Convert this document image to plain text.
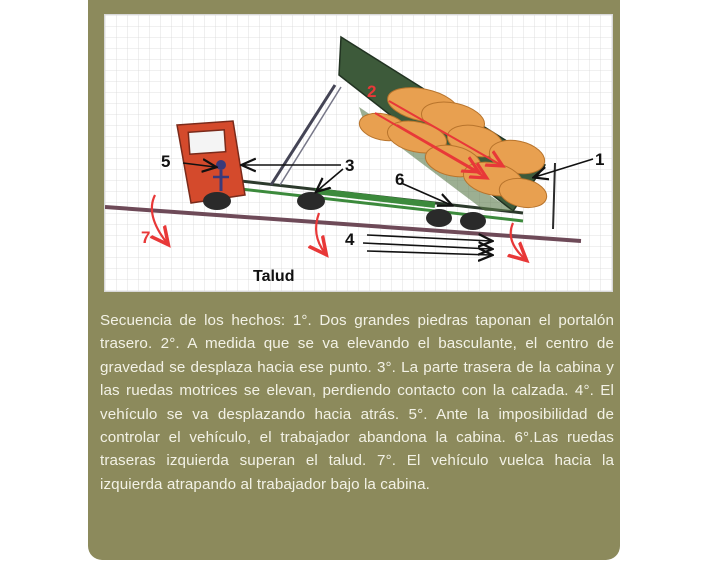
1
2
3
4
5
6
7
Talud
Secuencia de los hechos: 1°. Dos grandes piedras taponan el portalón trasero. 2°. A medida que se va elevando el basculante, el centro de gravedad se desplaza hacia ese punto. 3°. La parte trasera de la cabina y las ruedas motrices se elevan, perdiendo contacto con la calzada. 4°. El vehículo se va desplazando hacia atrás. 5°. Ante la imposibilidad de controlar el vehículo, el trabajador abandona la cabina. 6°.Las ruedas traseras izquierda superan el talud. 7°. El vehículo vuelca hacia la izquierda atrapando al trabajador bajo la cabina.
